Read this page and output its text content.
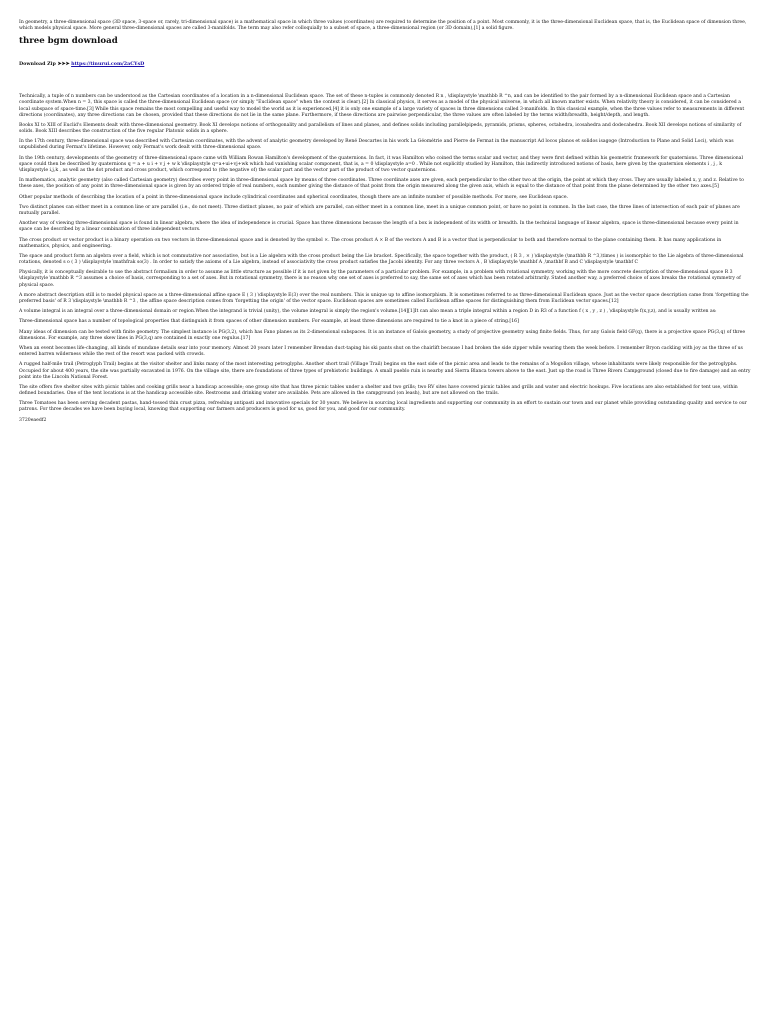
In geometry, a three-dimensional space (3D space, 3-space or, rarely, tri-dimensional space) is a mathematical space in which three values (coordinates) are required to determine the position of a point. Most commonly, it is the three-dimensional Euclidean space, that is, the Euclidean space of dimension three, which models physical space. More general three-dimensional spaces are called 3-manifolds. The term may also refer colloquially to a subset of space, a three-dimensional region (or 3D domain),[1] a solid figure.

three bgm download
Download Zip ➤➤➤ https://tinurui.com/2aCYsD

Technically, a tuple of n numbers can be understood as the Cartesian coordinates of a location in a n-dimensional Euclidean space. The set of these n-tuples is commonly denoted R n , \displaystyle \mathbb R ^n, and can be identified to the pair formed by a n-dimensional Euclidean space and a Cartesian coordinate system.When n = 3, this space is called the three-dimensional Euclidean space (or simply "Euclidean space" when the context is clear).[2] In classical physics, it serves as a model of the physical universe, in which all known matter exists. When relativity theory is considered, it can be considered a local subspace of space-time.[3] While this space remains the most compelling and useful way to model the world as it is experienced,[4] it is only one example of a large variety of spaces in three dimensions called 3-manifolds. In this classical example, when the three values refer to measurements in different directions (coordinates), any three directions can be chosen, provided that these directions do not lie in the same plane. Furthermore, if these directions are pairwise perpendicular, the three values are often labeled by the terms width/breadth, height/depth, and length.

Books XI to XIII of Euclid's Elements dealt with three-dimensional geometry. Book XI develops notions of orthogonality and parallelism of lines and planes, and defines solids including parallelpipeds, pyramids, prisms, spheres, octahedra, icosahedra and dodecahedra. Book XII develops notions of similarity of solids. Book XIII describes the construction of the five regular Platonic solids in a sphere.

In the 17th century, three-dimensional space was described with Cartesian coordinates, with the advent of analytic geometry developed by René Descartes in his work La Géométrie and Pierre de Fermat in the manuscript Ad locos planos et solidos isagoge (Introduction to Plane and Solid Loci), which was unpublished during Fermat's lifetime. However, only Fermat's work dealt with three-dimensional space.

In the 19th century, developments of the geometry of three-dimensional space came with William Rowan Hamilton's development of the quaternions. In fact, it was Hamilton who coined the terms scalar and vector, and they were first defined within his geometric framework for quaternions. Three dimensional space could then be described by quaternions q = a + u i + v j + w k \displaystyle q=a+ui+vj+wk which had vanishing scalar component, that is, a = 0 \displaystyle a=0 . While not explicitly studied by Hamilton, this indirectly introduced notions of basis, here given by the quaternion elements i , j , k \displaystyle i,j,k , as well as the dot product and cross product, which correspond to (the negative of) the scalar part and the vector part of the product of two vector quaternions.

In mathematics, analytic geometry (also called Cartesian geometry) describes every point in three-dimensional space by means of three coordinates. Three coordinate axes are given, each perpendicular to the other two at the origin, the point at which they cross. They are usually labeled x, y, and z. Relative to these axes, the position of any point in three-dimensional space is given by an ordered triple of real numbers, each number giving the distance of that point from the origin measured along the given axis, which is equal to the distance of that point from the plane determined by the other two axes.[5]

Other popular methods of describing the location of a point in three-dimensional space include cylindrical coordinates and spherical coordinates, though there are an infinite number of possible methods. For more, see Euclidean space.

Two distinct planes can either meet in a common line or are parallel (i.e., do not meet). Three distinct planes, no pair of which are parallel, can either meet in a common line, meet in a unique common point, or have no point in common. In the last case, the three lines of intersection of each pair of planes are mutually parallel.

Another way of viewing three-dimensional space is found in linear algebra, where the idea of independence is crucial. Space has three dimensions because the length of a box is independent of its width or breadth. In the technical language of linear algebra, space is three-dimensional because every point in space can be described by a linear combination of three independent vectors.

The cross product or vector product is a binary operation on two vectors in three-dimensional space and is denoted by the symbol ×. The cross product A × B of the vectors A and B is a vector that is perpendicular to both and therefore normal to the plane containing them. It has many applications in mathematics, physics, and engineering.

The space and product form an algebra over a field, which is not commutative nor associative, but is a Lie algebra with the cross product being the Lie bracket. Specifically, the space together with the product, ( R 3 , × ) \displaystyle (\mathbb R ^3,\times ) is isomorphic to the Lie algebra of three-dimensional rotations, denoted s o ( 3 ) \displaystyle \mathfrak so(3) . In order to satisfy the axioms of a Lie algebra, instead of associativity the cross product satisfies the Jacobi identity. For any three vectors A , B \displaystyle \mathbf A ,\mathbf B and C \displaystyle \mathbf C

Physically, it is conceptually desirable to use the abstract formalism in order to assume as little structure as possible if it is not given by the parameters of a particular problem. For example, in a problem with rotational symmetry, working with the more concrete description of three-dimensional space R 3 \displaystyle \mathbb R ^3 assumes a choice of basis, corresponding to a set of axes. But in rotational symmetry, there is no reason why one set of axes is preferred to say, the same set of axes which has been rotated arbitrarily. Stated another way, a preferred choice of axes breaks the rotational symmetry of physical space.

A more abstract description still is to model physical space as a three-dimensional affine space E ( 3 ) \displaystyle E(3) over the real numbers. This is unique up to affine isomorphism. It is sometimes referred to as three-dimensional Euclidean space. Just as the vector space description came from 'forgetting the preferred basis' of R 3 \displaystyle \mathbb R ^3 , the affine space description comes from 'forgetting the origin' of the vector space. Euclidean spaces are sometimes called Euclidean affine spaces for distinguishing them from Euclidean vector spaces.[12]

A volume integral is an integral over a three-dimensional domain or region.When the integrand is trivial (unity), the volume integral is simply the region's volume.[14][1]It can also mean a triple integral within a region D in R3 of a function f ( x , y , z ) , \displaystyle f(x,y,z), and is usually written as:

Three-dimensional space has a number of topological properties that distinguish it from spaces of other dimension numbers. For example, at least three dimensions are required to tie a knot in a piece of string.[16]

Many ideas of dimension can be tested with finite geometry. The simplest instance is PG(3,2), which has Fano planes as its 2-dimensional subspaces. It is an instance of Galois geometry, a study of projective geometry using finite fields. Thus, for any Galois field GF(q), there is a projective space PG(3,q) of three dimensions. For example, any three skew lines in PG(3,q) are contained in exactly one regulus.[17]

When an event becomes life-changing, all kinds of mundane details sear into your memory. Almost 20 years later I remember Brendan duct-taping his ski pants shut on the chairlift because I had broken the side zipper while wearing them the week before. I remember Bryon cackling with joy as the three of us entered barren wilderness while the rest of the resort was packed with crowds.

A rugged half-mile trail (Petroglyph Trail) begins at the visitor shelter and links many of the most interesting petroglyphs. Another short trail (Village Trail) begins on the east side of the picnic area and leads to the remains of a Mogollon village, whose inhabitants were likely responsible for the petroglyphs. Occupied for about 400 years, the site was partially excavated in 1976. On the village site, there are foundations of three types of prehistoric buildings. A small pueblo ruin is nearby and Sierra Blanca towers above to the east. Just up the road is Three Rivers Campground (closed due to fire damage) and an entry point into the Lincoln National Forest.

The site offers five shelter sites with picnic tables and cooking grills near a handicap accessible; one group site that has three picnic tables under a shelter and two grills; two RV sites have covered picnic tables and grills and water and electric hookups. Five locations are also established for tent use, within defined boundaries. One of the tent locations is at the handicap accessible site. Restrooms and drinking water are available. Pets are allowed in the campground (on leash), but are not allowed on the trails.

Three Tomatoes has been serving decadent pastas, hand-tossed thin crust pizza, refreshing antipasti and innovative specials for 30 years. We believe in sourcing local ingredients and supporting our community in an effort to sustain our town and our planet while providing outstanding quality and service to our patrons. For three decades we have been buying local, knowing that supporting our farmers and producers is good for us, good for you, and good for our community.

3720eaedf2
